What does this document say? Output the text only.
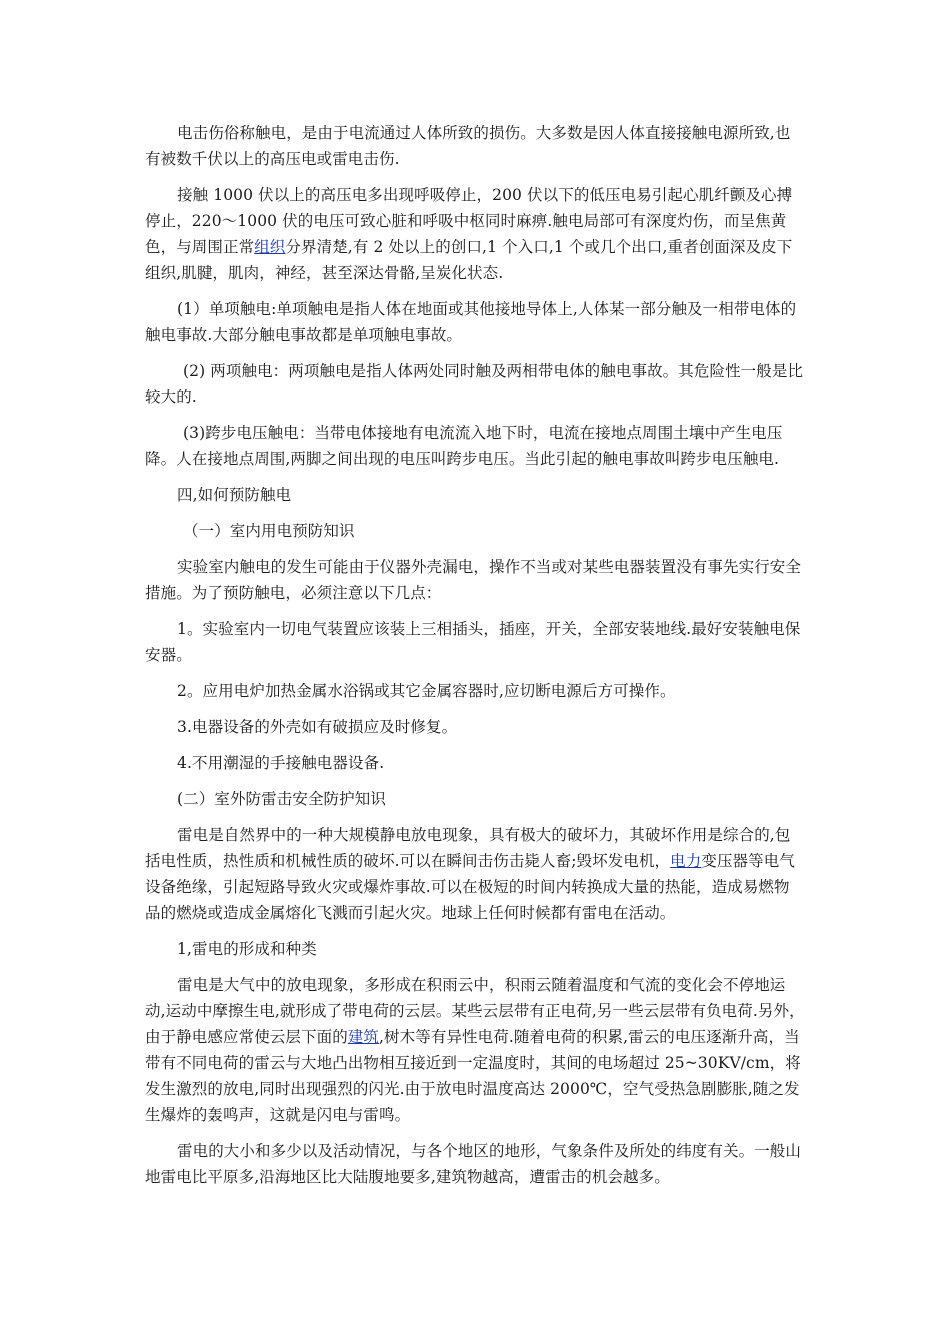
电击伤俗称触电，是由于电流通过人体所致的损伤。大多数是因人体直接接触电源所致,也有被数千伏以上的高压电或雷电击伤.

接触 1000 伏以上的高压电多出现呼吸停止，200 伏以下的低压电易引起心肌纤颤及心搏停止，220～1000 伏的电压可致心脏和呼吸中枢同时麻痹.触电局部可有深度灼伤，而呈焦黄色，与周围正常组织分界清楚,有 2 处以上的创口,1 个入口,1 个或几个出口,重者创面深及皮下组织,肌腱，肌肉，神经，甚至深达骨骼,呈炭化状态.

(1）单项触电:单项触电是指人体在地面或其他接地导体上,人体某一部分触及一相带电体的触电事故.大部分触电事故都是单项触电事故。

(2) 两项触电：两项触电是指人体两处同时触及两相带电体的触电事故。其危险性一般是比较大的.

(3)跨步电压触电：当带电体接地有电流流入地下时，电流在接地点周围土壤中产生电压降。人在接地点周围,两脚之间出现的电压叫跨步电压。当此引起的触电事故叫跨步电压触电.

四,如何预防触电

（一）室内用电预防知识

实验室内触电的发生可能由于仪器外壳漏电，操作不当或对某些电器装置没有事先实行安全措施。为了预防触电，必须注意以下几点：

1。实验室内一切电气装置应该装上三相插头，插座，开关，全部安装地线.最好安装触电保安器。

2。应用电炉加热金属水浴锅或其它金属容器时,应切断电源后方可操作。

3.电器设备的外壳如有破损应及时修复。

4.不用潮湿的手接触电器设备.

(二）室外防雷击安全防护知识

雷电是自然界中的一种大规模静电放电现象，具有极大的破坏力，其破坏作用是综合的,包括电性质，热性质和机械性质的破坏.可以在瞬间击伤击毙人畜;毁坏发电机，电力变压器等电气设备绝缘，引起短路导致火灾或爆炸事故.可以在极短的时间内转换成大量的热能，造成易燃物品的燃烧或造成金属熔化飞溅而引起火灾。地球上任何时候都有雷电在活动。

1,雷电的形成和种类

雷电是大气中的放电现象，多形成在积雨云中，积雨云随着温度和气流的变化会不停地运动,运动中摩擦生电,就形成了带电荷的云层。某些云层带有正电荷,另一些云层带有负电荷.另外，由于静电感应常使云层下面的建筑,树木等有异性电荷.随着电荷的积累,雷云的电压逐渐升高，当带有不同电荷的雷云与大地凸出物相互接近到一定温度时，其间的电场超过 25~30KV/cm，将发生激烈的放电,同时出现强烈的闪光.由于放电时温度高达 2000℃，空气受热急剧膨胀,随之发生爆炸的轰鸣声，这就是闪电与雷鸣。

雷电的大小和多少以及活动情况，与各个地区的地形，气象条件及所处的纬度有关。一般山地雷电比平原多,沿海地区比大陆腹地要多,建筑物越高，遭雷击的机会越多。
